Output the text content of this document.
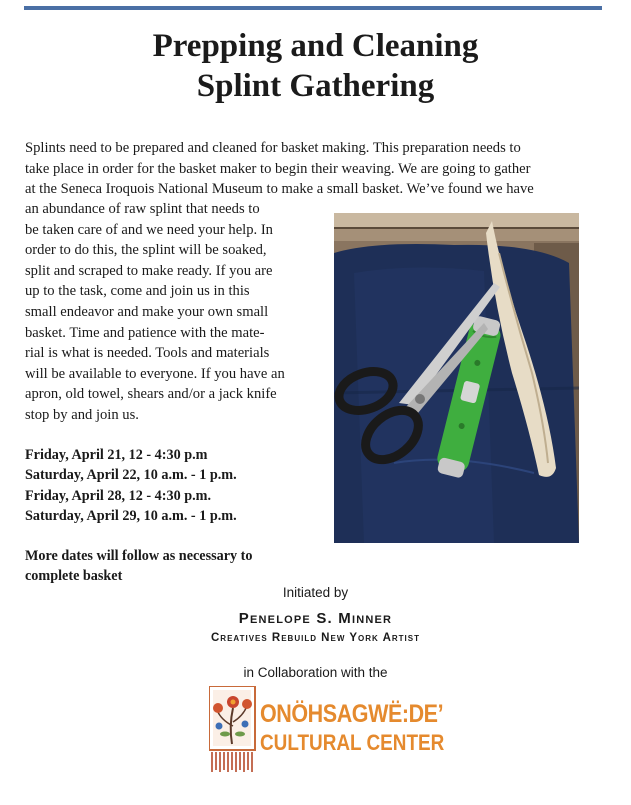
Prepping and Cleaning
Splint Gathering
Splints need to be prepared and cleaned for basket making. This preparation needs to
take place in order for the basket maker to begin their weaving. We are going to gather
at the Seneca Iroquois National Museum to make a small basket. We’ve found we have
an abundance of raw splint that needs to
be taken care of and we need your help. In
order to do this, the splint will be soaked,
split and scraped to make ready. If you are
up to the task, come and join us in this
small endeavor and make your own small
basket. Time and patience with the mate-
rial is what is needed. Tools and materials
will be available to everyone. If you have an
apron, old towel, shears and/or a jack knife
stop by and join us.
Friday, April 21, 12 - 4:30 p.m
Saturday, April 22, 10 a.m. - 1 p.m.
Friday, April 28, 12 - 4:30 p.m.
Saturday, April 29, 10 a.m. - 1 p.m.
More dates will follow as necessary to
complete basket
Initiated by
Penelope S. Minner
Creatives Rebuild New York Artist
in Collaboration with the
ONÖHSAGWË:DE’
CULTURAL CENTER
